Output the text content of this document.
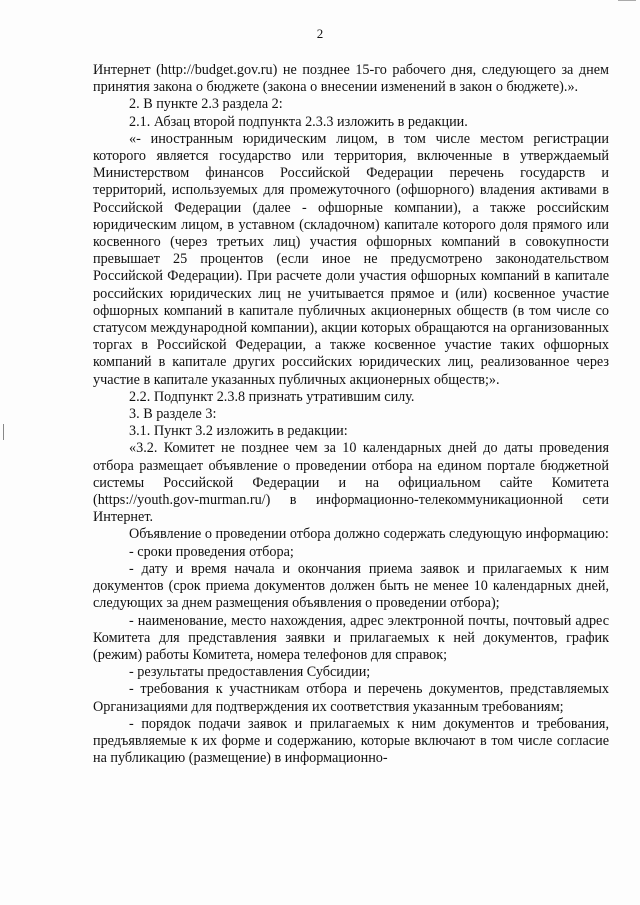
2

Интернет (http://budget.gov.ru) не позднее 15-го рабочего дня, следующего за днем принятия закона о бюджете (закона о внесении изменений в закон о бюджете).».

2. В пункте 2.3 раздела 2:

2.1. Абзац второй подпункта 2.3.3 изложить в редакции.

«- иностранным юридическим лицом, в том числе местом регистрации которого является государство или территория, включенные в утверждаемый Министерством финансов Российской Федерации перечень государств и территорий, используемых для промежуточного (офшорного) владения активами в Российской Федерации (далее - офшорные компании), а также российским юридическим лицом, в уставном (складочном) капитале которого доля прямого или косвенного (через третьих лиц) участия офшорных компаний в совокупности превышает 25 процентов (если иное не предусмотрено законодательством Российской Федерации). При расчете доли участия офшорных компаний в капитале российских юридических лиц не учитывается прямое и (или) косвенное участие офшорных компаний в капитале публичных акционерных обществ (в том числе со статусом международной компании), акции которых обращаются на организованных торгах в Российской Федерации, а также косвенное участие таких офшорных компаний в капитале других российских юридических лиц, реализованное через участие в капитале указанных публичных акционерных обществ;».

2.2. Подпункт 2.3.8 признать утратившим силу.

3. В разделе 3:

3.1. Пункт 3.2 изложить в редакции:

«3.2. Комитет не позднее чем за 10 календарных дней до даты проведения отбора размещает объявление о проведении отбора на едином портале бюджетной системы Российской Федерации и на официальном сайте Комитета (https://youth.gov-murman.ru/) в информационно-телекоммуникационной сети Интернет.

Объявление о проведении отбора должно содержать следующую информацию:

- сроки проведения отбора;

- дату и время начала и окончания приема заявок и прилагаемых к ним документов (срок приема документов должен быть не менее 10 календарных дней, следующих за днем размещения объявления о проведении отбора);

- наименование, место нахождения, адрес электронной почты, почтовый адрес Комитета для представления заявки и прилагаемых к ней документов, график (режим) работы Комитета, номера телефонов для справок;

- результаты предоставления Субсидии;

- требования к участникам отбора и перечень документов, представляемых Организациями для подтверждения их соответствия указанным требованиям;

- порядок подачи заявок и прилагаемых к ним документов и требования, предъявляемые к их форме и содержанию, которые включают в том числе согласие на публикацию (размещение) в информационно-
